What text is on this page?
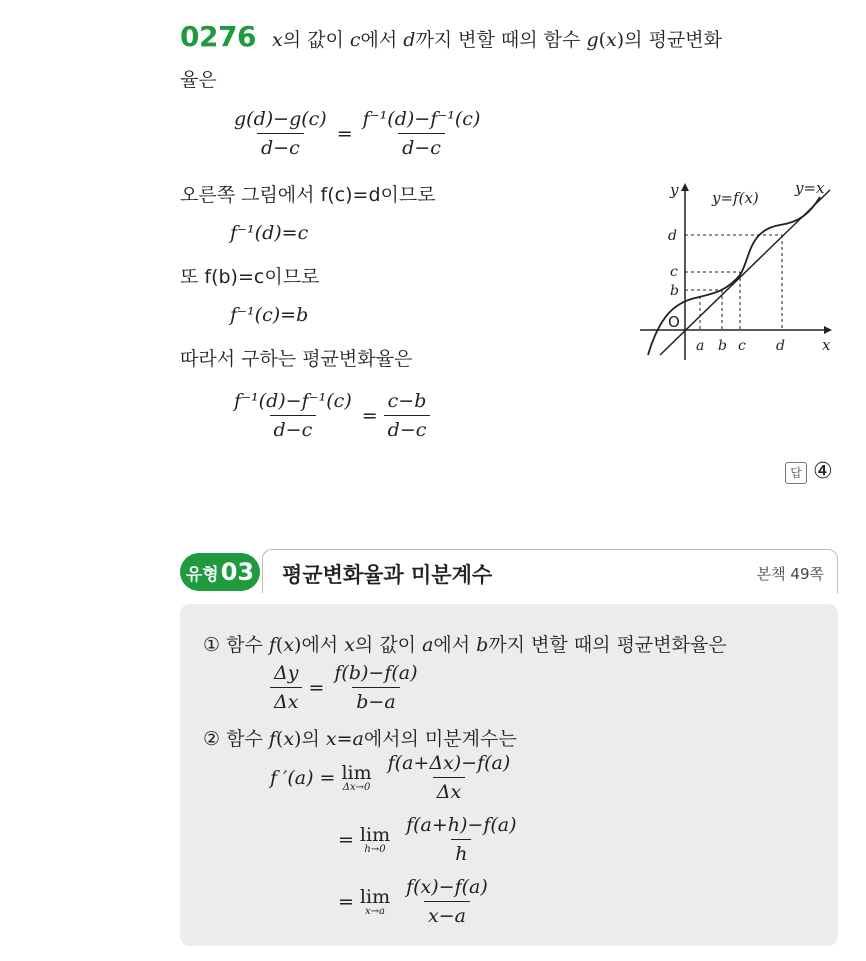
0276 x의 값이 c에서 d까지 변할 때의 함수 g(x)의 평균변화
율은
$\frac{g(d)-g(c)}{d-c} = \frac{\text{f⁻¹(d)−f⁻¹(c)}}{d-c}$
오른쪽 그림에서 f(c)=d이므로
f⁻¹(d)=c
또 f(b)=c이므로
f⁻¹(c)=b
따라서 구하는 평균변화율은
$\frac{\text{f⁻¹(d)−f⁻¹(c)}}{d-c} = \frac{c-b}{d-c}$
답 ④
y
x
O
y=f(x)
y=x
a b c d
b
c
d
유형 03 평균변화율과 미분계수	본책 49쪽
① 함수 f(x)에서 x의 값이 a에서 b까지 변할 때의 평균변화율은
$\frac{\Delta y}{\Delta x} = \frac{f(b)-f(a)}{b-a}$
② 함수 f(x)의 x=a에서의 미분계수는
f ′(a) = lim
$\Delta x\to 0 \frac{f(a+\Delta x)-f(a)}{\Delta x}$
= lim
$h\to 0 \frac{f(a+h)-f(a)}{h}$
= lim
$x\to a \frac{f(x)-f(a)}{x-a}$
